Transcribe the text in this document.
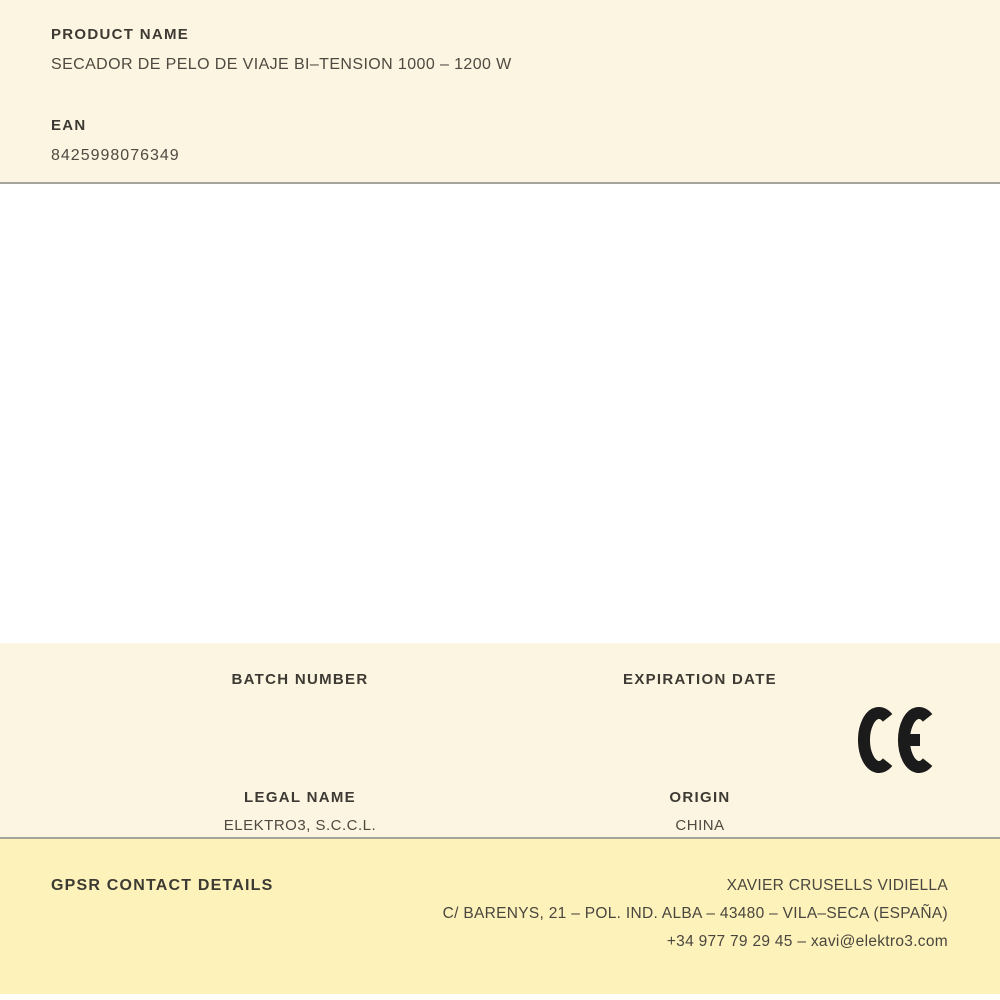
PRODUCT NAME
SECADOR DE PELO DE VIAJE BI–TENSION 1000 – 1200 W
EAN
8425998076349
BATCH NUMBER	EXPIRATION DATE
LEGAL NAME
ELEKTRO3, S.C.C.L.
ORIGIN
CHINA
GPSR CONTACT DETAILS	XAVIER CRUSELLS VIDIELLA
C/ BARENYS, 21 – POL. IND. ALBA – 43480 – VILA–SECA (ESPAÑA)
+34 977 79 29 45 – xavi@elektro3.com
